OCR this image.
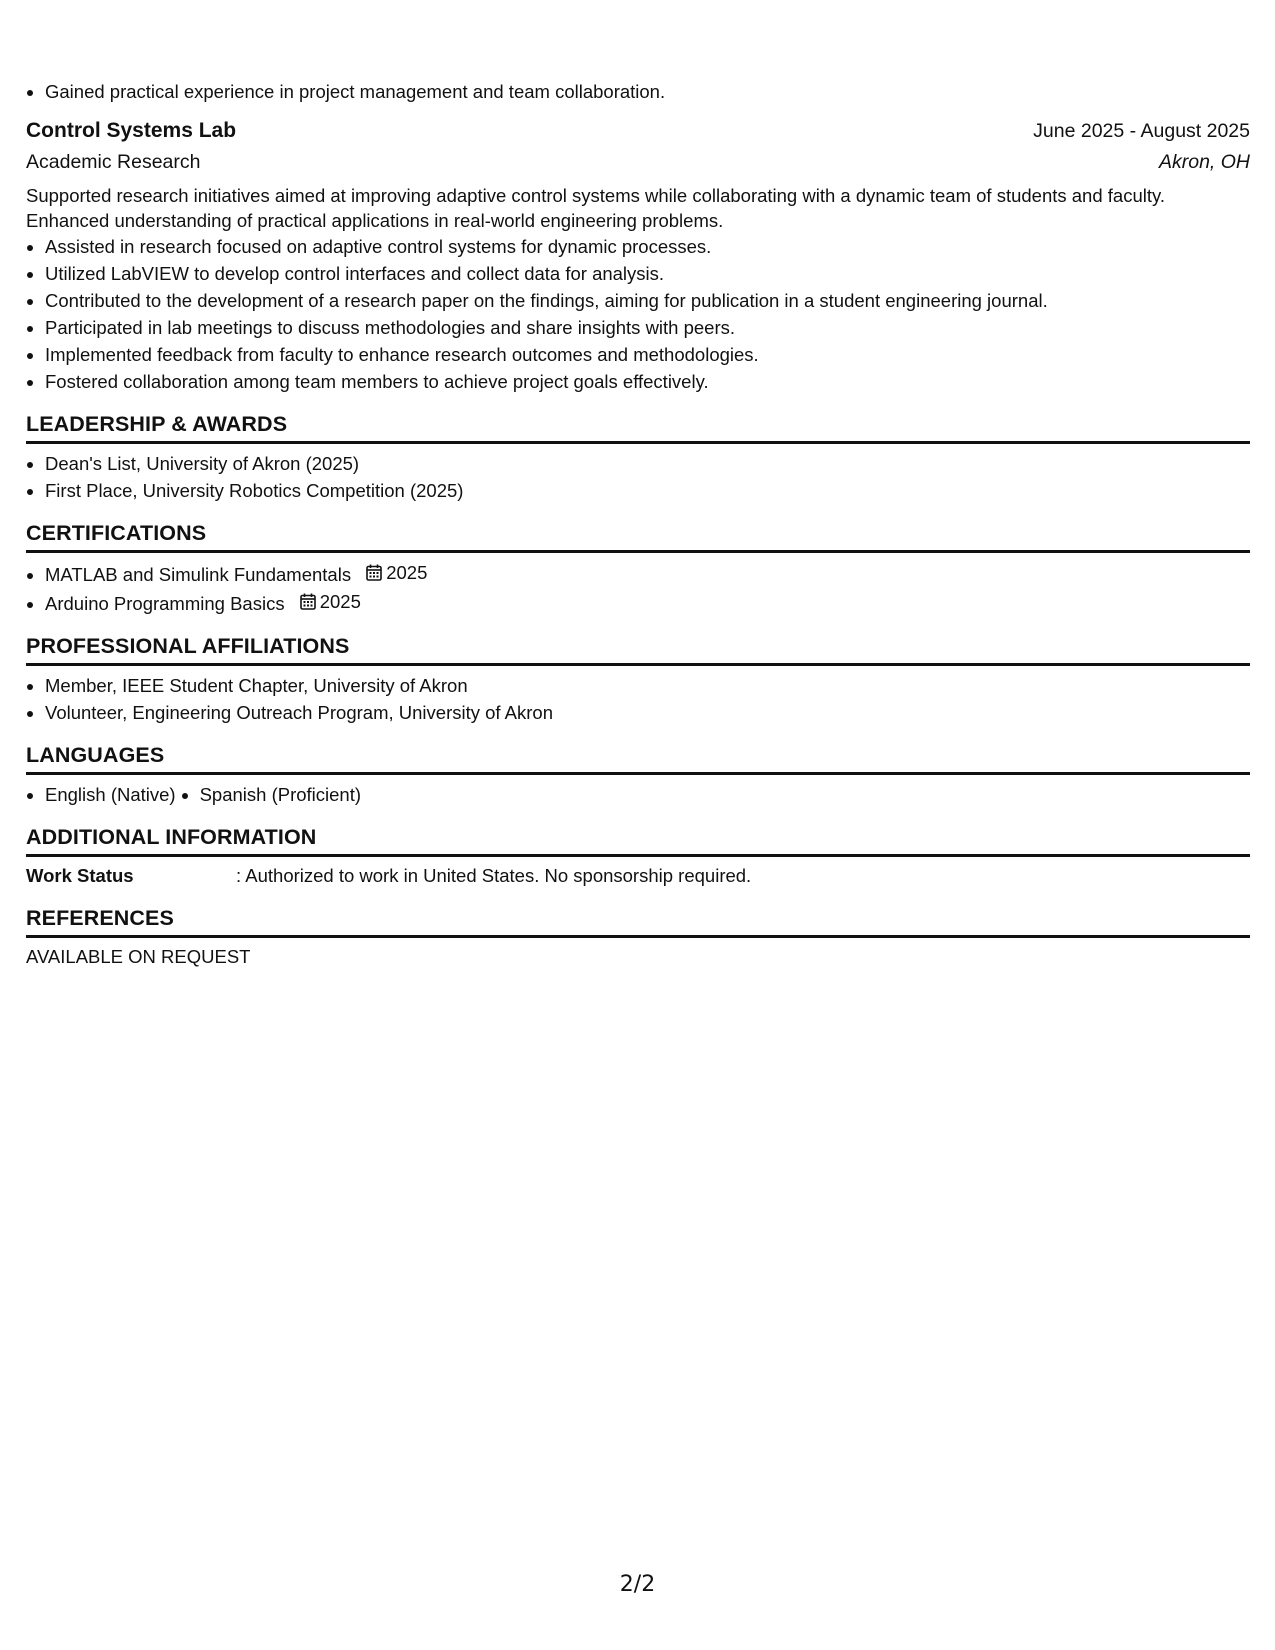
• Gained practical experience in project management and team collaboration.
Control Systems Lab	June 2025 - August 2025
Academic Research	Akron, OH

Supported research initiatives aimed at improving adaptive control systems while collaborating with a dynamic team of students and faculty. Enhanced understanding of practical applications in real-world engineering problems.

• Assisted in research focused on adaptive control systems for dynamic processes.
• Utilized LabVIEW to develop control interfaces and collect data for analysis.
• Contributed to the development of a research paper on the findings, aiming for publication in a student engineering journal.
• Participated in lab meetings to discuss methodologies and share insights with peers.
• Implemented feedback from faculty to enhance research outcomes and methodologies.
• Fostered collaboration among team members to achieve project goals effectively.
LEADERSHIP & AWARDS
• Dean's List, University of Akron (2025)
• First Place, University Robotics Competition (2025)
CERTIFICATIONS
• MATLAB and Simulink Fundamentals 2025
• Arduino Programming Basics 2025
PROFESSIONAL AFFILIATIONS
• Member, IEEE Student Chapter, University of Akron
• Volunteer, Engineering Outreach Program, University of Akron
LANGUAGES
• English (Native)
• Spanish (Proficient)
ADDITIONAL INFORMATION
Work Status	: Authorized to work in United States. No sponsorship required.
REFERENCES
AVAILABLE ON REQUEST
2/2
